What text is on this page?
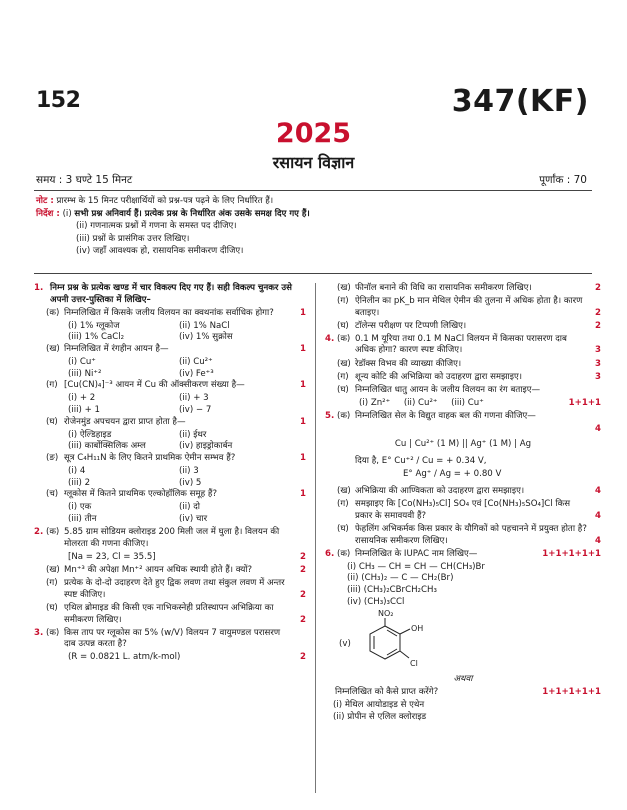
152	347(KF)
2025
रसायन विज्ञान
समय : 3 घण्टे 15 मिनट	पूर्णांक : 70
नोट : प्रारम्भ के 15 मिनट परीक्षार्थियों को प्रश्न-पत्र पढ़ने के लिए निर्धारित हैं।
निर्देश : (i) सभी प्रश्न अनिवार्य हैं। प्रत्येक प्रश्न के निर्धारित अंक उसके समक्ष दिए गए हैं।
(ii) गणनात्मक प्रश्नों में गणना के समस्त पद दीजिए।
(iii) प्रश्नों के प्रासंगिक उत्तर लिखिए।
(iv) जहाँ आवश्यक हो, रासायनिक समीकरण दीजिए।
1. निम्न प्रश्न के प्रत्येक खण्ड में चार विकल्प दिए गए हैं। सही विकल्प चुनकर उसे अपनी उत्तर-पुस्तिका में लिखिए–
(क) निम्नलिखित में किसके जलीय विलयन का क्वथनांक सर्वाधिक होगा?	1
(i) 1% ग्लूकोज	(ii) 1% NaCl
(iii) 1% CaCl₂	(iv) 1% सुक्रोस
(ख) निम्नलिखित में रंगहीन आयन है—	1
(i) Cu⁺	(ii) Cu²⁺
(iii) Ni⁺²	(iv) Fe⁺³
(ग) [Cu(CN)₄]⁻³ आयन में Cu की ऑक्सीकरण संख्या है—	1
(i) + 2	(ii) + 3
(iii) + 1	(iv) − 7
(घ) रोजेनमुंड अपचयन द्वारा प्राप्त होता है—	1
(i) ऐल्डिहाइड	(ii) ईथर
(iii) कार्बोक्सिलिक अम्ल	(iv) हाइड्रोकार्बन
(ङ) सूत्र C₄H₁₁N के लिए कितने प्राथमिक ऐमीन सम्भव हैं?	1
(i) 4	(ii) 3
(iii) 2	(iv) 5
(च) ग्लूकोस में कितने प्राथमिक एल्कोहॉलिक समूह हैं?	1
(i) एक	(ii) दो
(iii) तीन	(iv) चार
2. (क) 5.85 ग्राम सोडियम क्लोराइड 200 मिली जल में घुला है। विलयन की मोलरता की गणना कीजिए।
[Na = 23, Cl = 35.5]	2
(ख) Mn⁺³ की अपेक्षा Mn⁺² आयन अधिक स्थायी होते हैं। क्यों?	2
(ग) प्रत्येक के दो-दो उदाहरण देते हुए द्विक लवण तथा संकुल लवण में अन्तर स्पष्ट कीजिए।	2
(घ) एथिल ब्रोमाइड की किसी एक नाभिकस्नेही प्रतिस्थापन अभिक्रिया का समीकरण लिखिए।	2
3. (क) किस ताप पर ग्लूकोस का 5% (w/V) विलयन 7 वायुमण्डल परासरण दाब उत्पन्न करता है?
(R = 0.0821 L. atm/k-mol)	2
(ख) फीनॉल बनाने की विधि का रासायनिक समीकरण लिखिए।	2
(ग) ऐनिलीन का pK_b मान मेथिल ऐमीन की तुलना में अधिक होता है। कारण बताइए।	2
(घ) टॉलेन्स परीक्षण पर टिप्पणी लिखिए।	2
4. (क) 0.1 M यूरिया तथा 0.1 M NaCl विलयन में किसका परासरण दाब अधिक होगा? कारण स्पष्ट कीजिए।	3
(ख) रेडॉक्स विभव की व्याख्या कीजिए।	3
(ग) शून्य कोटि की अभिक्रिया को उदाहरण द्वारा समझाइए।	3
(घ) निम्नलिखित धातु आयन के जलीय विलयन का रंग बताइए—
(i) Zn²⁺ (ii) Cu²⁺ (iii) Cu⁺	1+1+1
5. (क) निम्नलिखित सेल के विद्युत वाहक बल की गणना कीजिए—
4
Cu | Cu²⁺ (1 M) || Ag⁺ (1 M) | Ag
दिया है, E° Cu⁺² / Cu = + 0.34 V,
E° Ag⁺ / Ag = + 0.80 V
(ख) अभिक्रिया की आण्विकता को उदाहरण द्वारा समझाइए।	4
(ग) समझाइए कि [Co(NH₃)₅Cl] SO₄ एवं [Co(NH₃)₅SO₄]Cl किस प्रकार के समावयवी हैं?	4
(घ) फेहलिंग अभिकर्मक किस प्रकार के यौगिकों को पहचानने में प्रयुक्त होता है? रासायनिक समीकरण लिखिए।	4
6. (क) निम्नलिखित के IUPAC नाम लिखिए—	1+1+1+1+1
(i) CH₃ — CH = CH — CH(CH₃)Br
(ii) (CH₃)₂ — C — CH₂(Br)
(iii) (CH₃)₂CBrCH₂CH₃
(iv) (CH₃)₃CCl
(v)
NO₂
OH
Cl
अथवा
निम्नलिखित को कैसे प्राप्त करेंगे?	1+1+1+1+1
(i) मेथिल आयोडाइड से एथेन
(ii) प्रोपीन से एलिल क्लोराइड
